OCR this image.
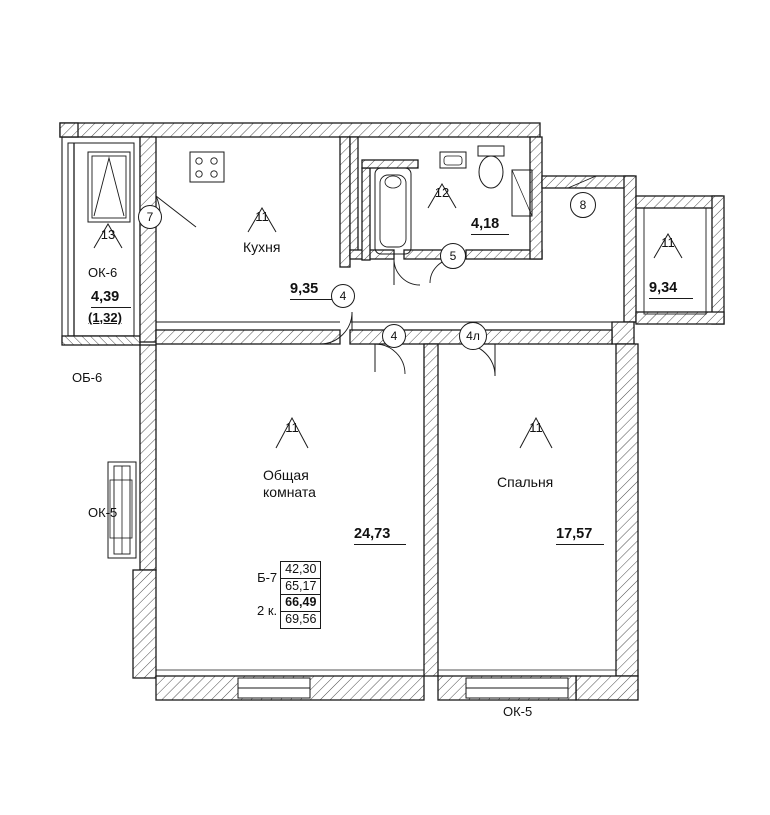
11
12
11
11	11
13
Кухня
Общая
комната
Спальня
9,35
4,18
9,34
24,73	17,57
4,39
(1,32)
ОК-6
ОБ-6
ОК-5
ОК-5
7
8
5
4
4	4л
Б-7	42,30
	65,17
2 к.	66,49
	69,56
